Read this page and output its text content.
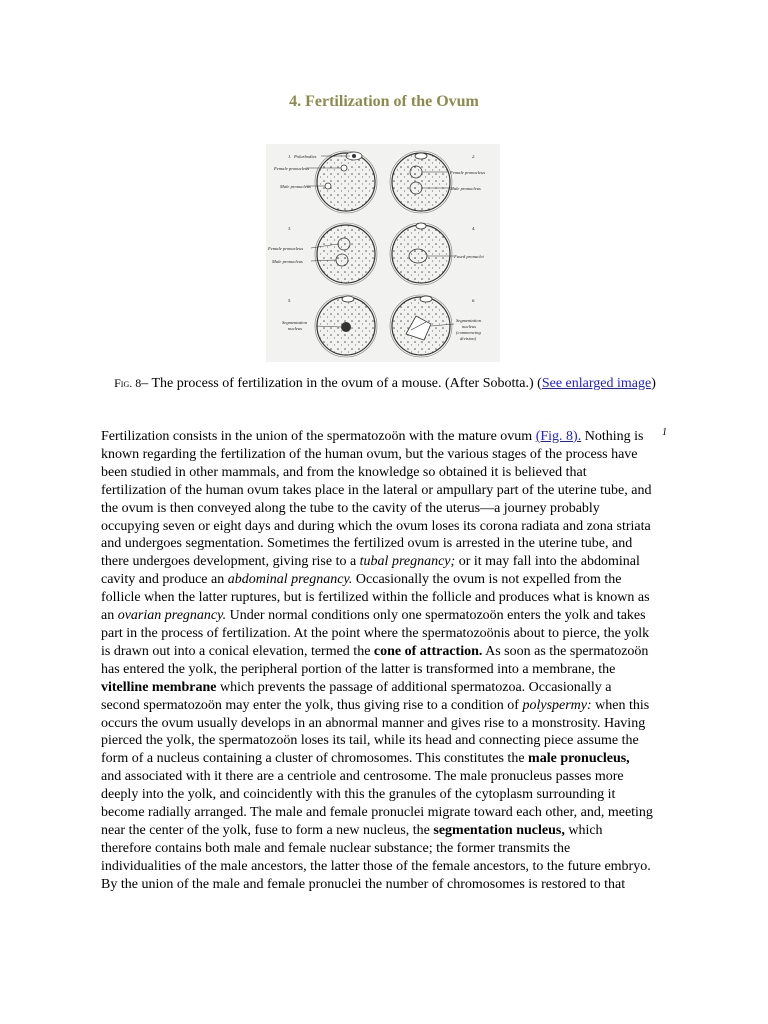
4. Fertilization of the Ovum
1. Polarbodies
Female pronucleus
Male pronucleus
2.
Female pronucleus
Male pronucleus
3.
Female pronucleus
Male pronucleus
4.
Fused pronuclei
5.
Segmentation
nucleus
6.
Segmentation
nucleus
(commencing
division)
Fig. 8– The process of fertilization in the ovum of a mouse. (After Sobotta.) (See enlarged image)
1

Fertilization consists in the union of the spermatozoön with the mature ovum (Fig. 8). Nothing is known regarding the fertilization of the human ovum, but the various stages of the process have been studied in other mammals, and from the knowledge so obtained it is believed that fertilization of the human ovum takes place in the lateral or ampullary part of the uterine tube, and the ovum is then conveyed along the tube to the cavity of the uterus—a journey probably occupying seven or eight days and during which the ovum loses its corona radiata and zona striata and undergoes segmentation. Sometimes the fertilized ovum is arrested in the uterine tube, and there undergoes development, giving rise to a tubal pregnancy; or it may fall into the abdominal cavity and produce an abdominal pregnancy. Occasionally the ovum is not expelled from the follicle when the latter ruptures, but is fertilized within the follicle and produces what is known as an ovarian pregnancy. Under normal conditions only one spermatozoön enters the yolk and takes part in the process of fertilization. At the point where the spermatozoönis about to pierce, the yolk is drawn out into a conical elevation, termed the cone of attraction. As soon as the spermatozoön has entered the yolk, the peripheral portion of the latter is transformed into a membrane, the vitelline membrane which prevents the passage of additional spermatozoa. Occasionally a second spermatozoön may enter the yolk, thus giving rise to a condition of polyspermy: when this occurs the ovum usually develops in an abnormal manner and gives rise to a monstrosity. Having pierced the yolk, the spermatozoön loses its tail, while its head and connecting piece assume the form of a nucleus containing a cluster of chromosomes. This constitutes the male pronucleus, and associated with it there are a centriole and centrosome. The male pronucleus passes more deeply into the yolk, and coincidently with this the granules of the cytoplasm surrounding it become radially arranged. The male and female pronuclei migrate toward each other, and, meeting near the center of the yolk, fuse to form a new nucleus, the segmentation nucleus, which therefore contains both male and female nuclear substance; the former transmits the individualities of the male ancestors, the latter those of the female ancestors, to the future embryo. By the union of the male and female pronuclei the number of chromosomes is restored to that
